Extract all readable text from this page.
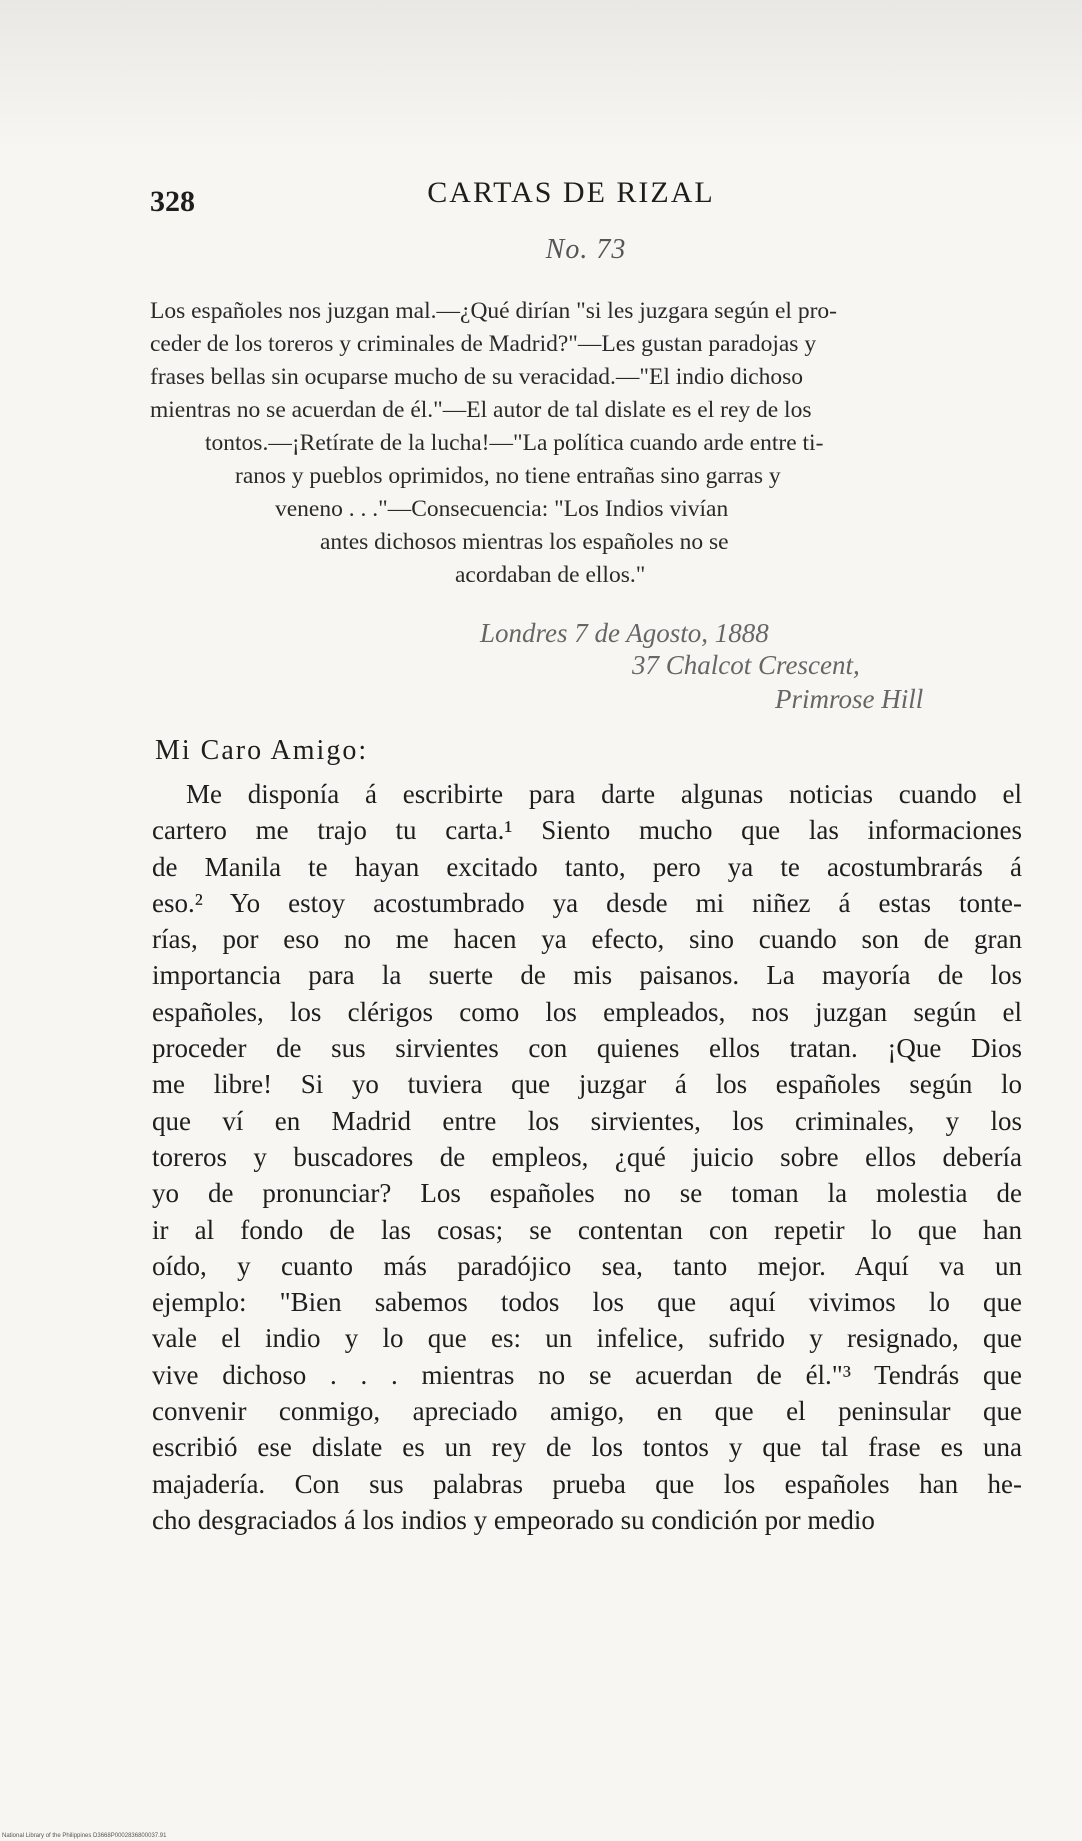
328	CARTAS DE RIZAL
No. 73
Los españoles nos juzgan mal.—¿Qué dirían "si les juzgara según el pro-
ceder de los toreros y criminales de Madrid?"—Les gustan paradojas y
frases bellas sin ocuparse mucho de su veracidad.—"El indio dichoso
mientras no se acuerdan de él."—El autor de tal dislate es el rey de los
tontos.—¡Retírate de la lucha!—"La política cuando arde entre ti-
ranos y pueblos oprimidos, no tiene entrañas sino garras y
veneno . . ."—Consecuencia: "Los Indios vivían
antes dichosos mientras los españoles no se
acordaban de ellos."
Londres 7 de Agosto, 1888
37 Chalcot Crescent,
Primrose Hill
Mi Caro Amigo:
Me disponía á escribirte para darte algunas noticias cuando el
cartero me trajo tu carta.¹ Siento mucho que las informaciones
de Manila te hayan excitado tanto, pero ya te acostumbrarás á
eso.² Yo estoy acostumbrado ya desde mi niñez á estas tonte-
rías, por eso no me hacen ya efecto, sino cuando son de gran
importancia para la suerte de mis paisanos. La mayoría de los
españoles, los clérigos como los empleados, nos juzgan según el
proceder de sus sirvientes con quienes ellos tratan. ¡Que Dios
me libre! Si yo tuviera que juzgar á los españoles según lo
que ví en Madrid entre los sirvientes, los criminales, y los
toreros y buscadores de empleos, ¿qué juicio sobre ellos debería
yo de pronunciar? Los españoles no se toman la molestia de
ir al fondo de las cosas; se contentan con repetir lo que han
oído, y cuanto más paradójico sea, tanto mejor. Aquí va un
ejemplo: "Bien sabemos todos los que aquí vivimos lo que
vale el indio y lo que es: un infelice, sufrido y resignado, que
vive dichoso . . . mientras no se acuerdan de él."³ Tendrás que
convenir conmigo, apreciado amigo, en que el peninsular que
escribió ese dislate es un rey de los tontos y que tal frase es una
majadería. Con sus palabras prueba que los españoles han he-
cho desgraciados á los indios y empeorado su condición por medio
National Library of the Philippines D3668P0002836800037.91
